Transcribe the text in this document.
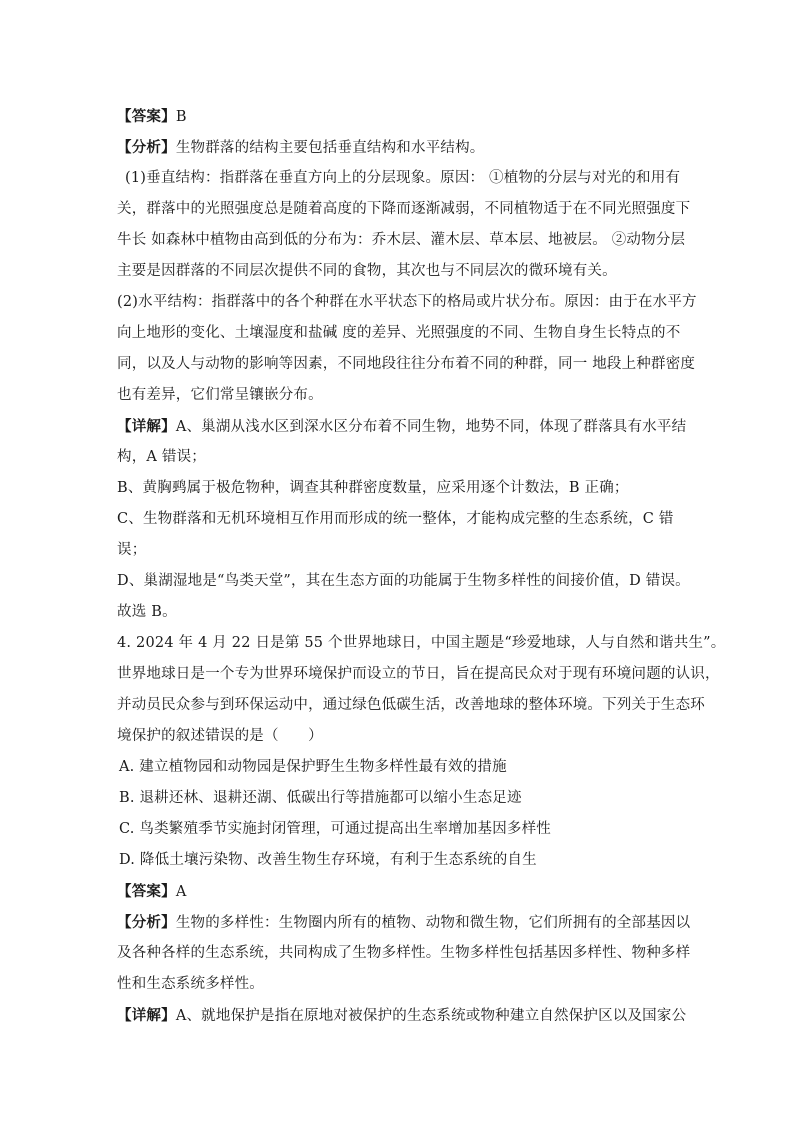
【答案】B
【分析】生物群落的结构主要包括垂直结构和水平结构。
(1)垂直结构：指群落在垂直方向上的分层现象。原因： ①植物的分层与对光的和用有
关，群落中的光照强度总是随着高度的下降而逐渐减弱，不同植物适于在不同光照强度下
牛长 如森林中植物由高到低的分布为：乔木层、灌木层、草本层、地被层。 ②动物分层
主要是因群落的不同层次提供不同的食物，其次也与不同层次的微环境有关。
(2)水平结构：指群落中的各个种群在水平状态下的格局或片状分布。原因：由于在水平方
向上地形的变化、土壤湿度和盐碱 度的差异、光照强度的不同、生物自身生长特点的不
同，以及人与动物的影响等因素，不同地段往往分布着不同的种群，同一 地段上种群密度
也有差异，它们常呈镶嵌分布。
【详解】A、巢湖从浅水区到深水区分布着不同生物，地势不同，体现了群落具有水平结
构，A 错误；
B、黄胸鹀属于极危物种，调查其种群密度数量，应采用逐个计数法，B 正确；
C、生物群落和无机环境相互作用而形成的统一整体，才能构成完整的生态系统，C 错
误；
D、巢湖湿地是“鸟类天堂”，其在生态方面的功能属于生物多样性的间接价值，D 错误。
故选 B。
4. 2024 年 4 月 22 日是第 55 个世界地球日，中国主题是“珍爱地球，人与自然和谐共生”。
世界地球日是一个专为世界环境保护而设立的节日，旨在提高民众对于现有环境问题的认识，
并动员民众参与到环保运动中，通过绿色低碳生活，改善地球的整体环境。下列关于生态环
境保护的叙述错误的是（　　）
A. 建立植物园和动物园是保护野生生物多样性最有效的措施
B. 退耕还林、退耕还湖、低碳出行等措施都可以缩小生态足迹
C. 鸟类繁殖季节实施封闭管理，可通过提高出生率增加基因多样性
D. 降低土壤污染物、改善生物生存环境，有利于生态系统的自生
【答案】A
【分析】生物的多样性：生物圈内所有的植物、动物和微生物，它们所拥有的全部基因以
及各种各样的生态系统，共同构成了生物多样性。生物多样性包括基因多样性、物种多样
性和生态系统多样性。
【详解】A、就地保护是指在原地对被保护的生态系统或物种建立自然保护区以及国家公
